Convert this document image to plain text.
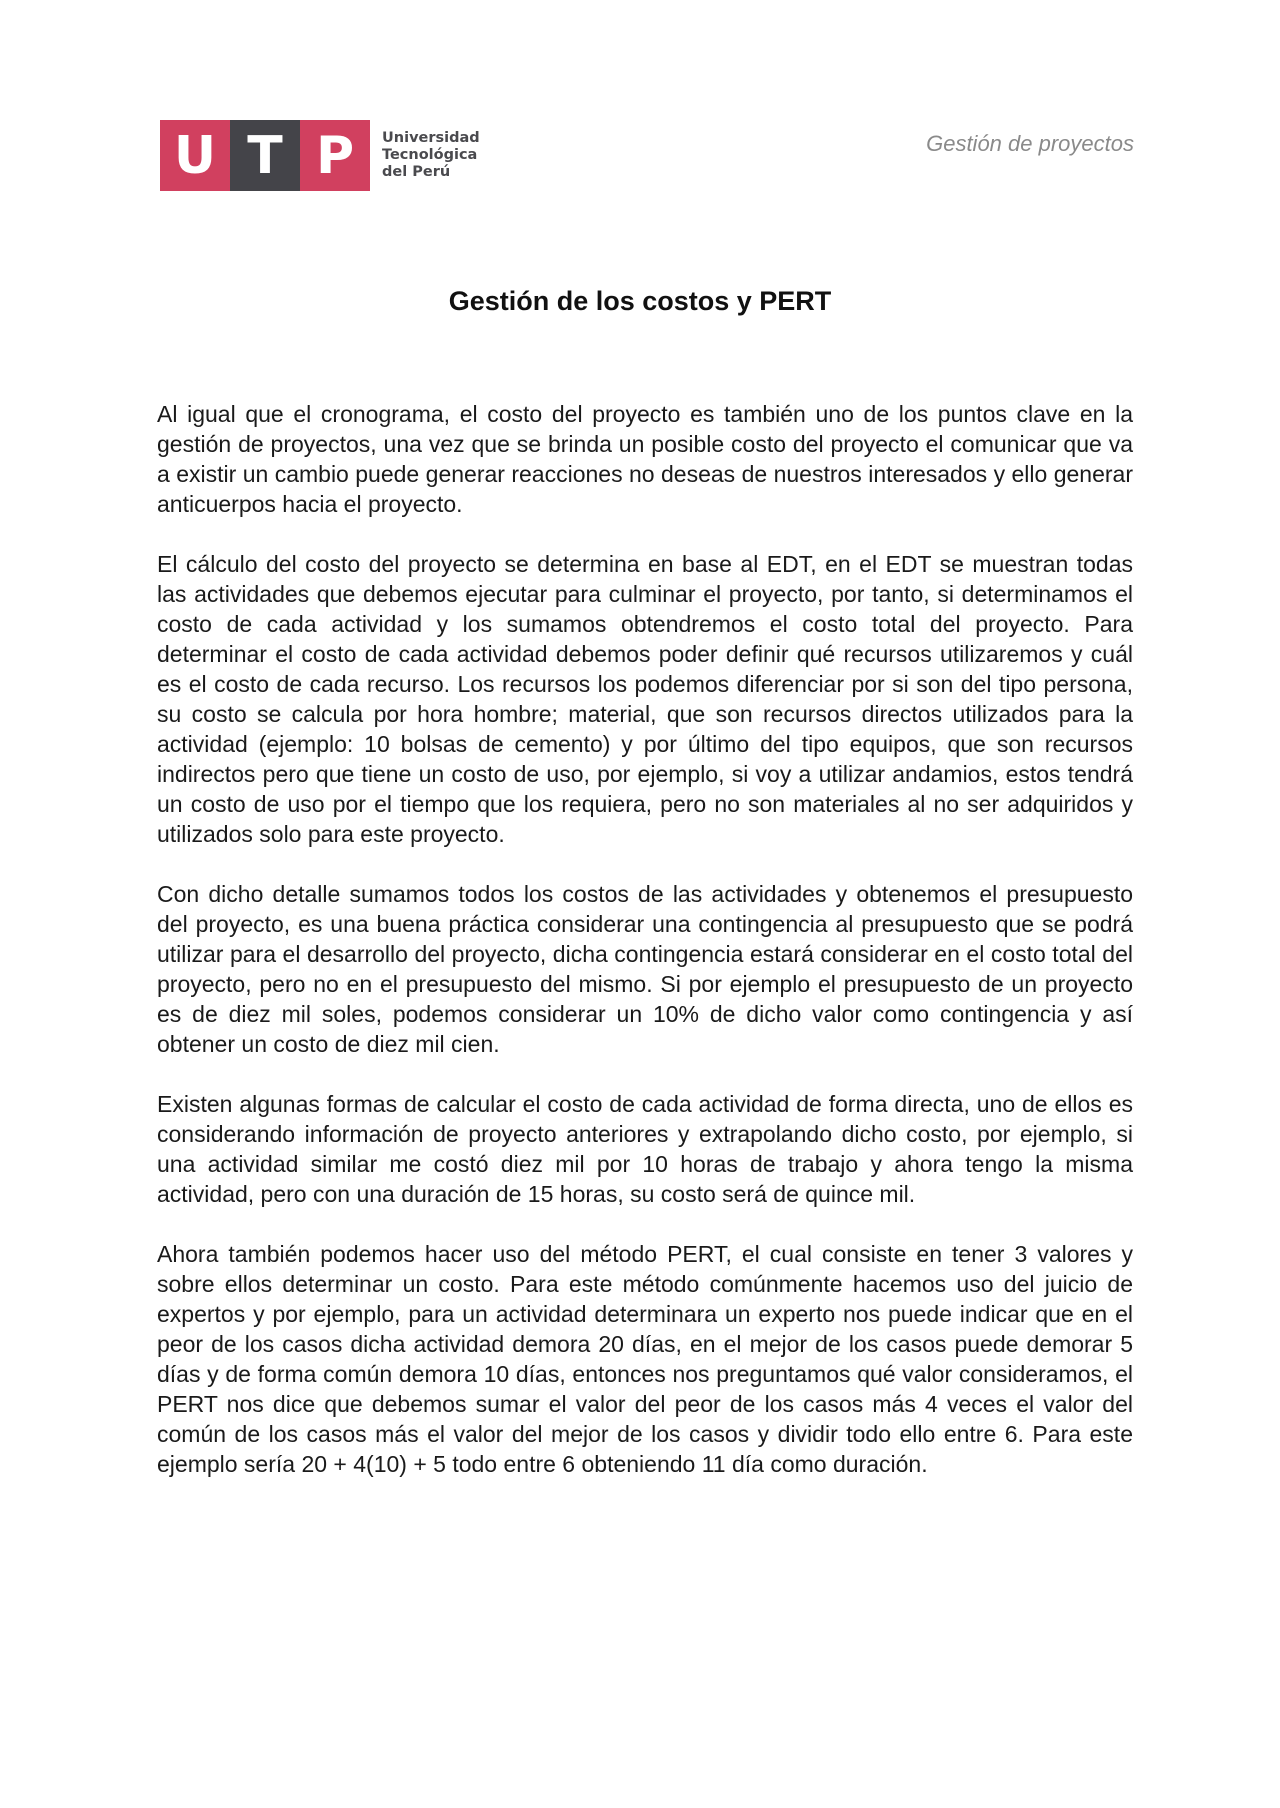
U T P	Universidad
Tecnológica
del Perú
Gestión de proyectos
Gestión de los costos y PERT

Al igual que el cronograma, el costo del proyecto es también uno de los puntos clave en la gestión de proyectos, una vez que se brinda un posible costo del proyecto el comunicar que va a existir un cambio puede generar reacciones no deseas de nuestros interesados y ello generar anticuerpos hacia el proyecto.

El cálculo del costo del proyecto se determina en base al EDT, en el EDT se muestran todas las actividades que debemos ejecutar para culminar el proyecto, por tanto, si determinamos el costo de cada actividad y los sumamos obtendremos el costo total del proyecto. Para determinar el costo de cada actividad debemos poder definir qué recursos utilizaremos y cuál es el costo de cada recurso. Los recursos los podemos diferenciar por si son del tipo persona, su costo se calcula por hora hombre; material, que son recursos directos utilizados para la actividad (ejemplo: 10 bolsas de cemento) y por último del tipo equipos, que son recursos indirectos pero que tiene un costo de uso, por ejemplo, si voy a utilizar andamios, estos tendrá un costo de uso por el tiempo que los requiera, pero no son materiales al no ser adquiridos y utilizados solo para este proyecto.

Con dicho detalle sumamos todos los costos de las actividades y obtenemos el presupuesto del proyecto, es una buena práctica considerar una contingencia al presupuesto que se podrá utilizar para el desarrollo del proyecto, dicha contingencia estará considerar en el costo total del proyecto, pero no en el presupuesto del mismo. Si por ejemplo el presupuesto de un proyecto es de diez mil soles, podemos considerar un 10% de dicho valor como contingencia y así obtener un costo de diez mil cien.

Existen algunas formas de calcular el costo de cada actividad de forma directa, uno de ellos es considerando información de proyecto anteriores y extrapolando dicho costo, por ejemplo, si una actividad similar me costó diez mil por 10 horas de trabajo y ahora tengo la misma actividad, pero con una duración de 15 horas, su costo será de quince mil.

Ahora también podemos hacer uso del método PERT, el cual consiste en tener 3 valores y sobre ellos determinar un costo. Para este método comúnmente hacemos uso del juicio de expertos y por ejemplo, para un actividad determinara un experto nos puede indicar que en el peor de los casos dicha actividad demora 20 días, en el mejor de los casos puede demorar 5 días y de forma común demora 10 días, entonces nos preguntamos qué valor consideramos, el PERT nos dice que debemos sumar el valor del peor de los casos más 4 veces el valor del común de los casos más el valor del mejor de los casos y dividir todo ello entre 6. Para este ejemplo sería 20 + 4(10) + 5 todo entre 6 obteniendo 11 día como duración.
